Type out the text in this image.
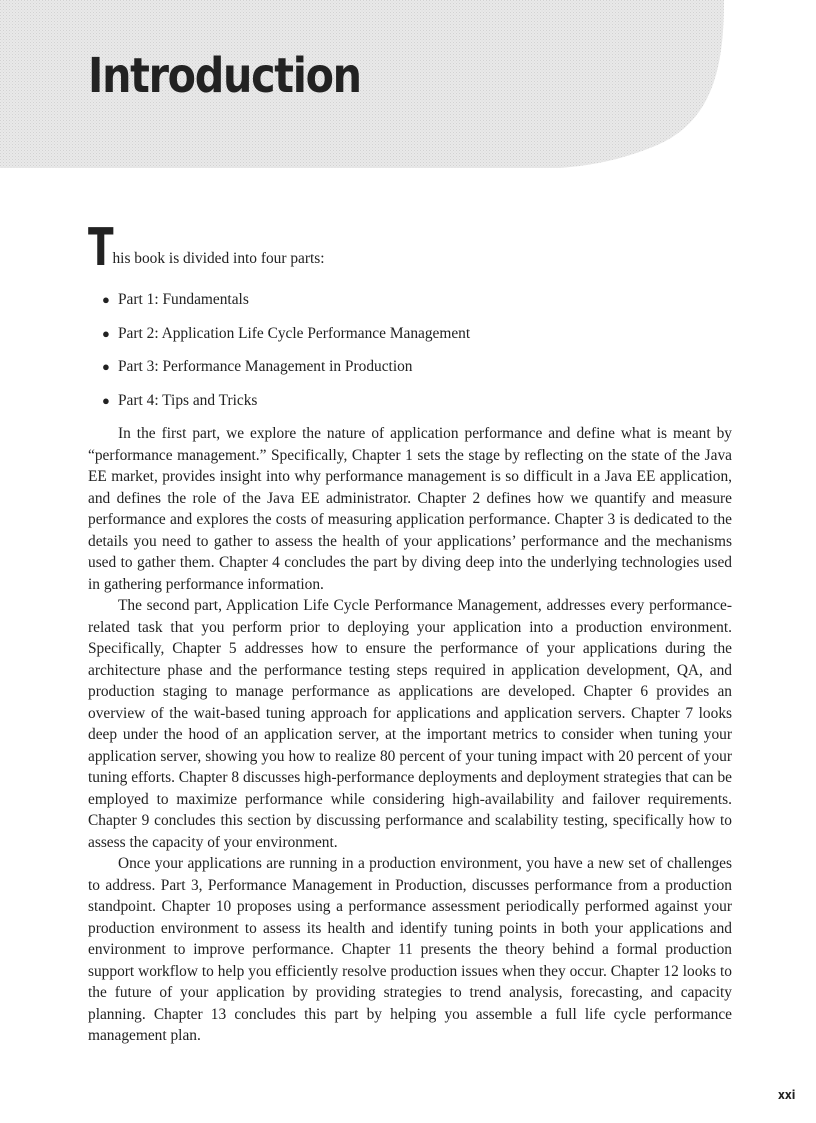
Introduction

This book is divided into four parts:

● Part 1: Fundamentals
● Part 2: Application Life Cycle Performance Management
● Part 3: Performance Management in Production
● Part 4: Tips and Tricks

In the first part, we explore the nature of application performance and define what is meant by “performance management.” Specifically, Chapter 1 sets the stage by reflecting on the state of the Java EE market, provides insight into why performance management is so difficult in a Java EE application, and defines the role of the Java EE administrator. Chapter 2 defines how we quantify and measure performance and explores the costs of measuring application performance. Chapter 3 is dedicated to the details you need to gather to assess the health of your applications’ performance and the mechanisms used to gather them. Chapter 4 concludes the part by diving deep into the underlying technologies used in gathering performance information.

The second part, Application Life Cycle Performance Management, addresses every performance-related task that you perform prior to deploying your application into a production environment. Specifically, Chapter 5 addresses how to ensure the performance of your applications during the architecture phase and the performance testing steps required in application development, QA, and production staging to manage performance as applications are developed. Chapter 6 provides an overview of the wait-based tuning approach for applications and application servers. Chapter 7 looks deep under the hood of an application server, at the important metrics to consider when tuning your application server, showing you how to realize 80 percent of your tuning impact with 20 percent of your tuning efforts. Chapter 8 discusses high-performance deployments and deployment strategies that can be employed to maximize performance while considering high-availability and failover requirements. Chapter 9 concludes this section by discussing performance and scalability testing, specifically how to assess the capacity of your environment.

Once your applications are running in a production environment, you have a new set of challenges to address. Part 3, Performance Management in Production, discusses performance from a production standpoint. Chapter 10 proposes using a performance assessment periodically performed against your production environment to assess its health and identify tuning points in both your applications and environment to improve performance. Chapter 11 presents the theory behind a formal production support workflow to help you efficiently resolve production issues when they occur. Chapter 12 looks to the future of your application by providing strategies to trend analysis, forecasting, and capacity planning. Chapter 13 concludes this part by helping you assemble a full life cycle performance management plan.

xxi
